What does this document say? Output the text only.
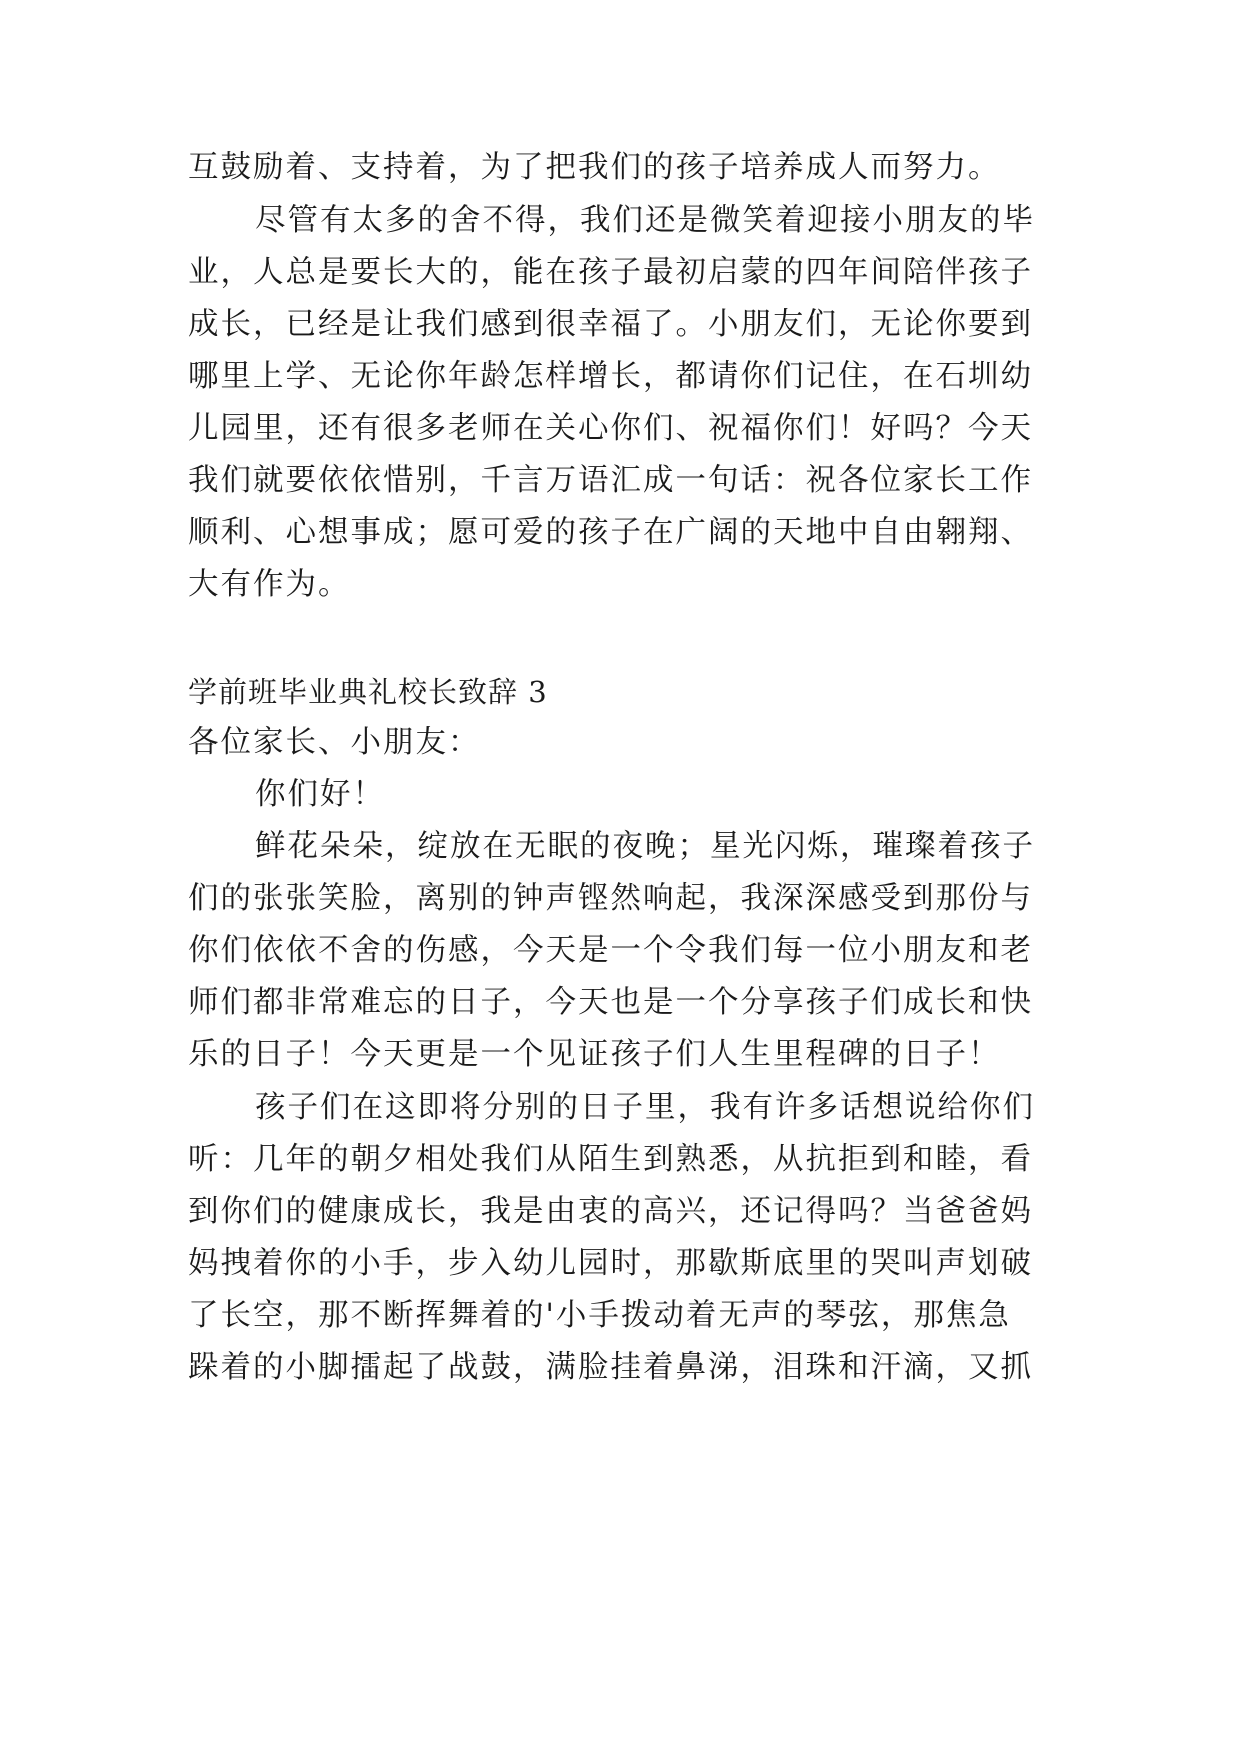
互鼓励着、支持着，为了把我们的孩子培养成人而努力。
尽管有太多的舍不得，我们还是微笑着迎接小朋友的毕
业，人总是要长大的，能在孩子最初启蒙的四年间陪伴孩子
成长，已经是让我们感到很幸福了。小朋友们，无论你要到
哪里上学、无论你年龄怎样增长，都请你们记住，在石圳幼
儿园里，还有很多老师在关心你们、祝福你们！好吗？今天
我们就要依依惜别，千言万语汇成一句话：祝各位家长工作
顺利、心想事成；愿可爱的孩子在广阔的天地中自由翱翔、
大有作为。
学前班毕业典礼校长致辞 3
各位家长、小朋友：
你们好！
鲜花朵朵，绽放在无眠的夜晚；星光闪烁，璀璨着孩子
们的张张笑脸，离别的钟声铿然响起，我深深感受到那份与
你们依依不舍的伤感，今天是一个令我们每一位小朋友和老
师们都非常难忘的日子，今天也是一个分享孩子们成长和快
乐的日子！今天更是一个见证孩子们人生里程碑的日子！
孩子们在这即将分别的日子里，我有许多话想说给你们
听：几年的朝夕相处我们从陌生到熟悉，从抗拒到和睦，看
到你们的健康成长，我是由衷的高兴，还记得吗？当爸爸妈
妈拽着你的小手，步入幼儿园时，那歇斯底里的哭叫声划破
了长空，那不断挥舞着的'小手拨动着无声的琴弦，那焦急
跺着的小脚擂起了战鼓，满脸挂着鼻涕，泪珠和汗滴，又抓
